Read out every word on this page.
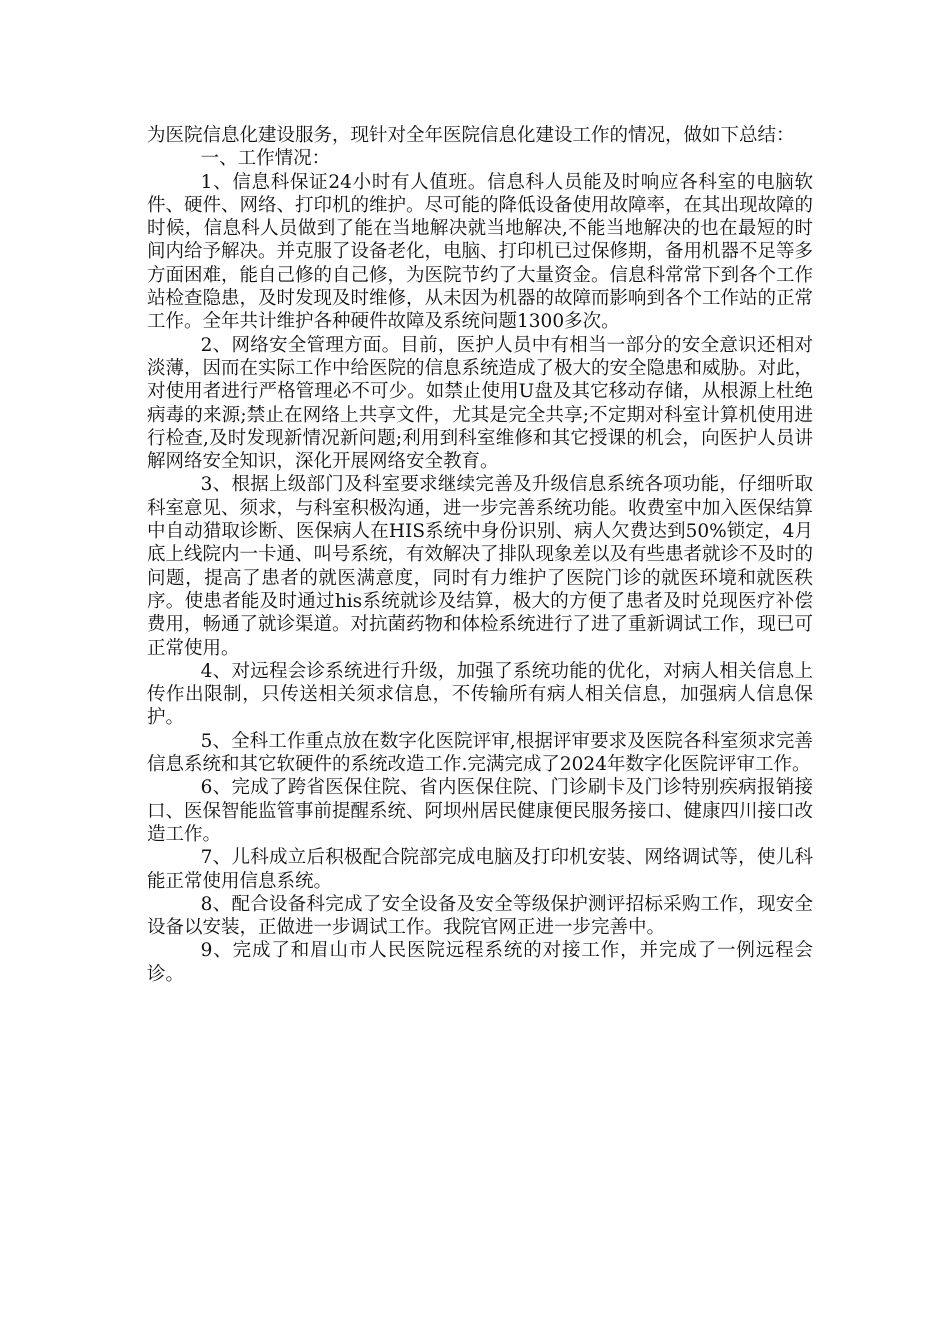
为医院信息化建设服务，现针对全年医院信息化建设工作的情况，做如下总结：

一、工作情况：

1、信息科保证24小时有人值班。信息科人员能及时响应各科室的电脑软件、硬件、网络、打印机的维护。尽可能的降低设备使用故障率，在其出现故障的时候，信息科人员做到了能在当地解决就当地解决,不能当地解决的也在最短的时间内给予解决。并克服了设备老化，电脑、打印机已过保修期，备用机器不足等多方面困难，能自己修的自己修，为医院节约了大量资金。信息科常常下到各个工作站检查隐患，及时发现及时维修，从未因为机器的故障而影响到各个工作站的正常工作。全年共计维护各种硬件故障及系统问题1300多次。

2、网络安全管理方面。目前，医护人员中有相当一部分的安全意识还相对淡薄，因而在实际工作中给医院的信息系统造成了极大的安全隐患和威胁。对此，对使用者进行严格管理必不可少。如禁止使用U盘及其它移动存储，从根源上杜绝病毒的来源;禁止在网络上共享文件，尤其是完全共享;不定期对科室计算机使用进行检查,及时发现新情况新问题;利用到科室维修和其它授课的机会，向医护人员讲解网络安全知识，深化开展网络安全教育。

3、根据上级部门及科室要求继续完善及升级信息系统各项功能，仔细听取科室意见、须求，与科室积极沟通，进一步完善系统功能。收费室中加入医保结算中自动猎取诊断、医保病人在HIS系统中身份识别、病人欠费达到50%锁定，4月底上线院内一卡通、叫号系统，有效解决了排队现象差以及有些患者就诊不及时的问题，提高了患者的就医满意度，同时有力维护了医院门诊的就医环境和就医秩序。使患者能及时通过his系统就诊及结算，极大的方便了患者及时兑现医疗补偿费用，畅通了就诊渠道。对抗菌药物和体检系统进行了进了重新调试工作，现已可正常使用。

4、对远程会诊系统进行升级，加强了系统功能的优化，对病人相关信息上传作出限制，只传送相关须求信息，不传输所有病人相关信息，加强病人信息保护。

5、全科工作重点放在数字化医院评审,根据评审要求及医院各科室须求完善信息系统和其它软硬件的系统改造工作.完满完成了2024年数字化医院评审工作。

6、完成了跨省医保住院、省内医保住院、门诊刷卡及门诊特别疾病报销接口、医保智能监管事前提醒系统、阿坝州居民健康便民服务接口、健康四川接口改造工作。

7、儿科成立后积极配合院部完成电脑及打印机安装、网络调试等，使儿科能正常使用信息系统。

8、配合设备科完成了安全设备及安全等级保护测评招标采购工作，现安全设备以安装，正做进一步调试工作。我院官网正进一步完善中。

9、完成了和眉山市人民医院远程系统的对接工作，并完成了一例远程会诊。
